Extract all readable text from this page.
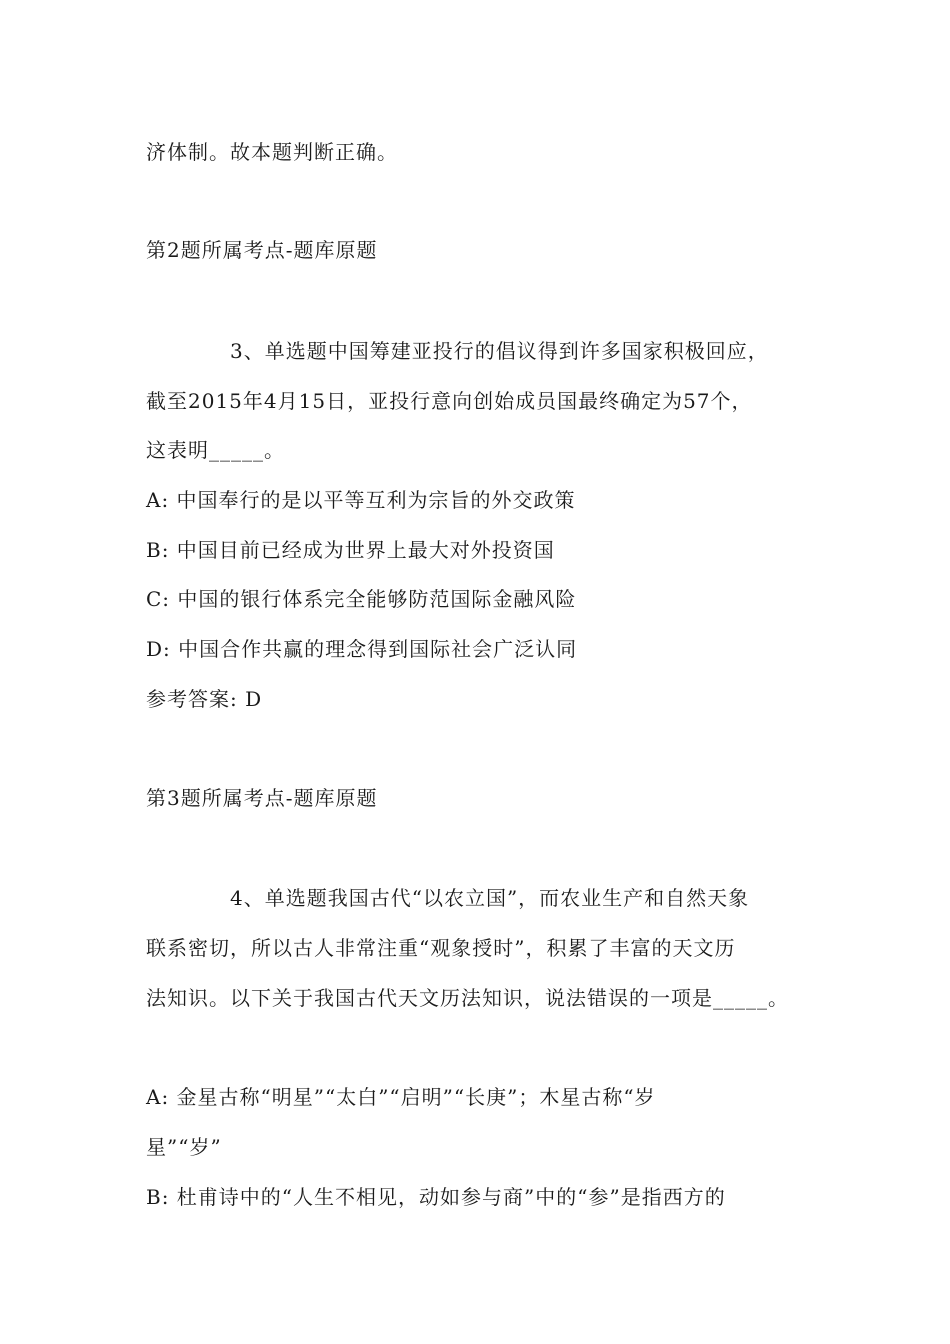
济体制。故本题判断正确。
第2题所属考点-题库原题
3、单选题中国筹建亚投行的倡议得到许多国家积极回应，
截至2015年4月15日，亚投行意向创始成员国最终确定为57个，
这表明_____。
A: 中国奉行的是以平等互利为宗旨的外交政策
B: 中国目前已经成为世界上最大对外投资国
C: 中国的银行体系完全能够防范国际金融风险
D: 中国合作共赢的理念得到国际社会广泛认同
参考答案: D
第3题所属考点-题库原题
4、单选题我国古代“以农立国”，而农业生产和自然天象
联系密切，所以古人非常注重“观象授时”，积累了丰富的天文历
法知识。以下关于我国古代天文历法知识，说法错误的一项是_____。
A: 金星古称“明星”“太白”“启明”“长庚”；木星古称“岁
星”“岁”
B: 杜甫诗中的“人生不相见，动如参与商”中的“参”是指西方的
